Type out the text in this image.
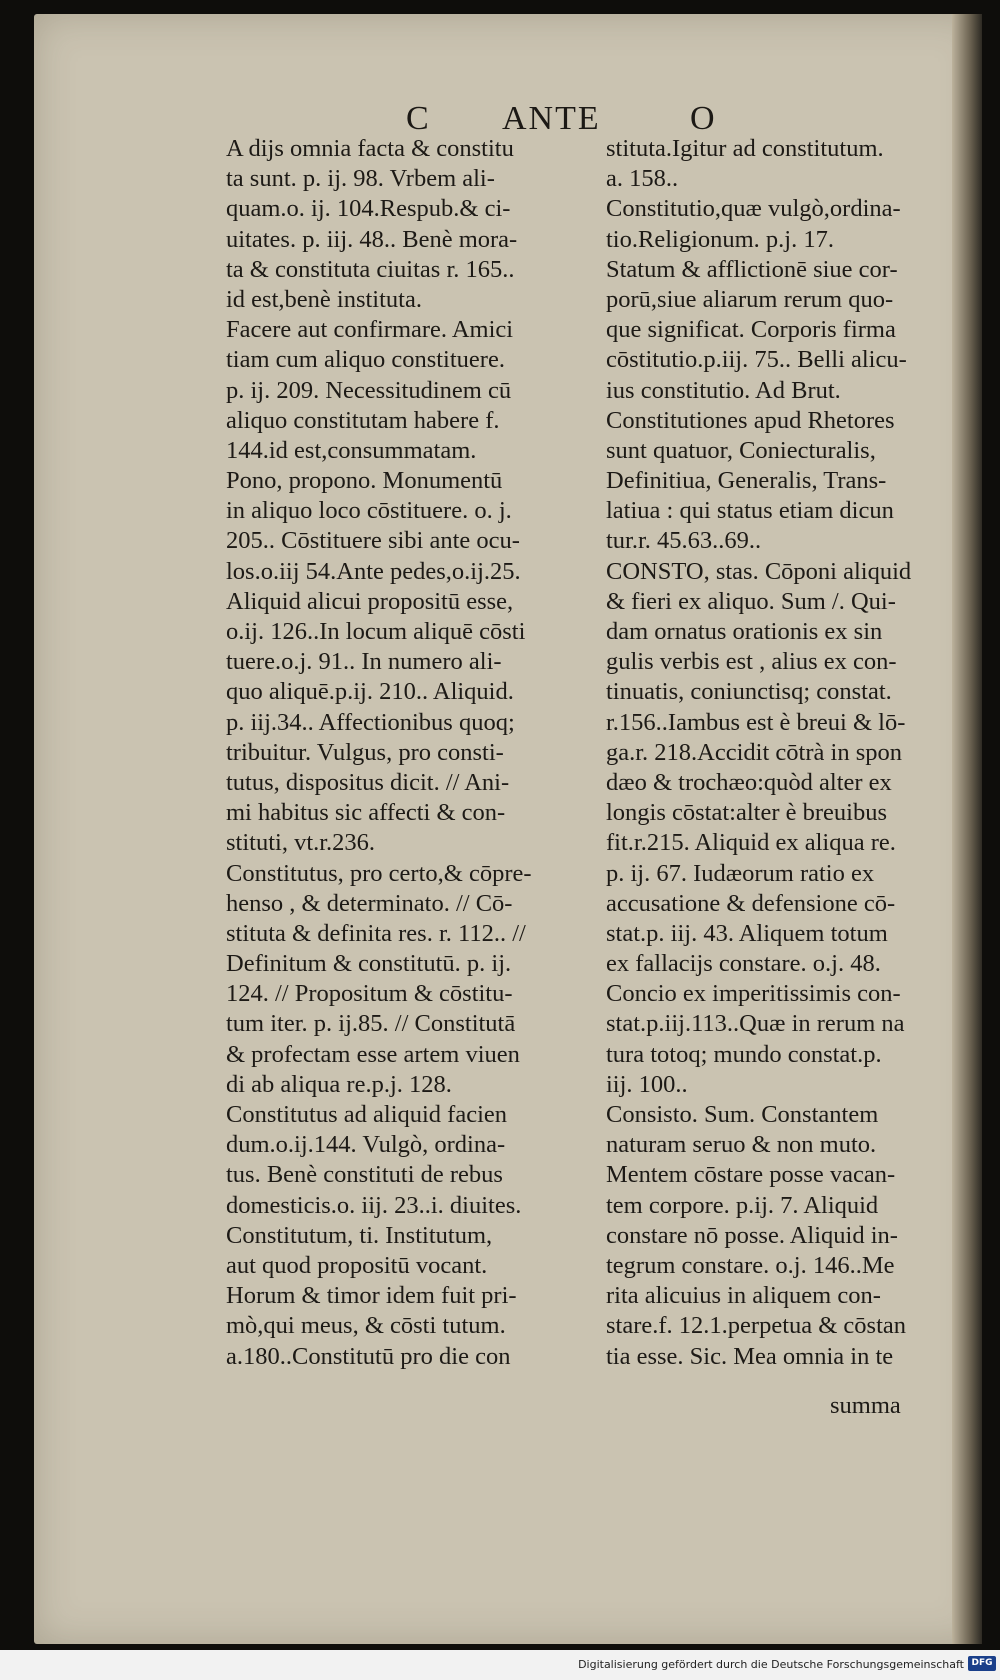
C ANTE	O
A dijs omnia facta & constitu
ta sunt. p. ij. 98. Vrbem ali-
quam.o. ij. 104.Respub.& ci-
uitates. p. iij. 48.. Benè mora-
ta & constituta ciuitas r. 165..
id est,benè instituta.
Facere aut confirmare. Amici
tiam cum aliquo constituere.
p. ij. 209. Necessitudinem cū
aliquo constitutam habere f.
144.id est,consummatam.
Pono, propono. Monumentū
in aliquo loco cōstituere. o. j.
205.. Cōstituere sibi ante ocu-
los.o.iij 54.Ante pedes,o.ij.25.
Aliquid alicui propositū esse,
o.ij. 126..In locum aliquē cōsti
tuere.o.j. 91.. In numero ali-
quo aliquē.p.ij. 210.. Aliquid.
p. iij.34.. Affectionibus quoq;
tribuitur. Vulgus, pro consti-
tutus, dispositus dicit. // Ani-
mi habitus sic affecti & con-
stituti, vt.r.236.
Constitutus, pro certo,& cōpre-
henso , & determinato. // Cō-
stituta & definita res. r. 112.. //
Definitum & constitutū. p. ij.
124. // Propositum & cōstitu-
tum iter. p. ij.85. // Constitutā
& profectam esse artem viuen
di ab aliqua re.p.j. 128.
Constitutus ad aliquid facien
dum.o.ij.144. Vulgò, ordina-
tus. Benè constituti de rebus
domesticis.o. iij. 23..i. diuites.
Constitutum, ti. Institutum,
aut quod propositū vocant.
Horum & timor idem fuit pri-
mò,qui meus, & cōsti tutum.
a.180..Constitutū pro die con
stituta.Igitur ad constitutum.
a. 158..
Constitutio,quæ vulgò,ordina-
tio.Religionum. p.j. 17.
Statum & afflictionē siue cor-
porū,siue aliarum rerum quo-
que significat. Corporis firma
cōstitutio.p.iij. 75.. Belli alicu-
ius constitutio. Ad Brut.
Constitutiones apud Rhetores
sunt quatuor, Coniecturalis,
Definitiua, Generalis, Trans-
latiua : qui status etiam dicun
tur.r. 45.63..69..
CONSTO, stas. Cōponi aliquid
& fieri ex aliquo. Sum /. Qui-
dam ornatus orationis ex sin
gulis verbis est , alius ex con-
tinuatis, coniunctisq; constat.
r.156..Iambus est è breui & lō-
ga.r. 218.Accidit cōtrà in spon
dæo & trochæo:quòd alter ex
longis cōstat:alter è breuibus
fit.r.215. Aliquid ex aliqua re.
p. ij. 67. Iudæorum ratio ex
accusatione & defensione cō-
stat.p. iij. 43. Aliquem totum
ex fallacijs constare. o.j. 48.
Concio ex imperitissimis con-
stat.p.iij.113..Quæ in rerum na
tura totoq; mundo constat.p.
iij. 100..
Consisto. Sum. Constantem
naturam seruo & non muto.
Mentem cōstare posse vacan-
tem corpore. p.ij. 7. Aliquid
constare nō posse. Aliquid in-
tegrum constare. o.j. 146..Me
rita alicuius in aliquem con-
stare.f. 12.1.perpetua & cōstan
tia esse. Sic. Mea omnia in te
summa
Digitalisierung gefördert durch die Deutsche Forschungsgemeinschaft DFG
